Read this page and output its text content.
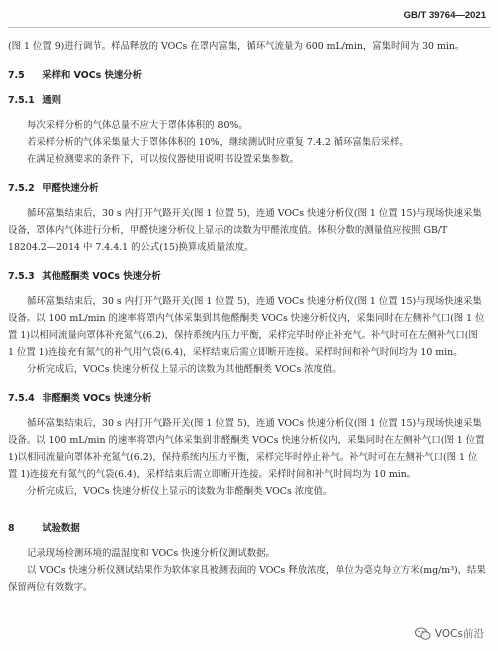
GB/T 39764—2021

(图 1 位置 9)进行调节。样品释放的 VOCs 在罩内富集，循环气流量为 600 mL/min，富集时间为 30 min。

7.5 采样和 VOCs 快速分析
7.5.1 通则

每次采样分析的气体总量不应大于罩体体积的 80%。

若采样分析的气体采集量大于罩体体积的 10%，继续测试时应重复 7.4.2 循环富集后采样。

在满足检测要求的条件下，可以按仪器使用说明书设置采集参数。

7.5.2 甲醛快速分析

循环富集结束后，30 s 内打开气路开关(图 1 位置 5)，连通 VOCs 快速分析仪(图 1 位置 15)与现场快速采集设备，罩体内气体进行分析，甲醛快速分析仪上显示的读数为甲醛浓度值。体积分数的测量值应按照 GB/T 18204.2—2014 中 7.4.4.1 的公式(15)换算成质量浓度。

7.5.3 其他醛酮类 VOCs 快速分析

循环富集结束后，30 s 内打开气路开关(图 1 位置 5)，连通 VOCs 快速分析仪(图 1 位置 15)与现场快速采集设备。以 100 mL/min 的速率将罩内气体采集到其他醛酮类 VOCs 快速分析仪内，采集同时在左侧补气口(图 1 位置 1)以相同流量向罩体补充氮气(6.2)，保持系统内压力平衡，采样完毕时停止补充气。补气时可在左侧补气口(图 1 位置 1)连接充有氮气的补气用气袋(6.4)，采样结束后需立即断开连接。采样时间和补气时间均为 10 min。

分析完成后，VOCs 快速分析仪上显示的读数为其他醛酮类 VOCs 浓度值。

7.5.4 非醛酮类 VOCs 快速分析

循环富集结束后，30 s 内打开气路开关(图 1 位置 5)，连通 VOCs 快速分析仪(图 1 位置 15)与现场快速采集设备。以 100 mL/min 的速率将罩内气体采集到非醛酮类 VOCs 快速分析仪内，采集同时在左侧补气口(图 1 位置 1)以相同流量向罩体补充氮气(6.2)，保持系统内压力平衡，采样完毕时停止补气。补气时可在左侧补气口(图 1 位置 1)连接充有氮气的气袋(6.4)，采样结束后需立即断开连接。采样时间和补气时间均为 10 min。

分析完成后，VOCs 快速分析仪上显示的读数为非醛酮类 VOCs 浓度值。

8	试验数据

记录现场检测环境的温湿度和 VOCs 快速分析仪测试数据。

以 VOCs 快速分析仪测试结果作为软体家具被测表面的 VOCs 释放浓度，单位为毫克每立方米(mg/m³)，结果保留两位有效数字。

VOCs前沿
